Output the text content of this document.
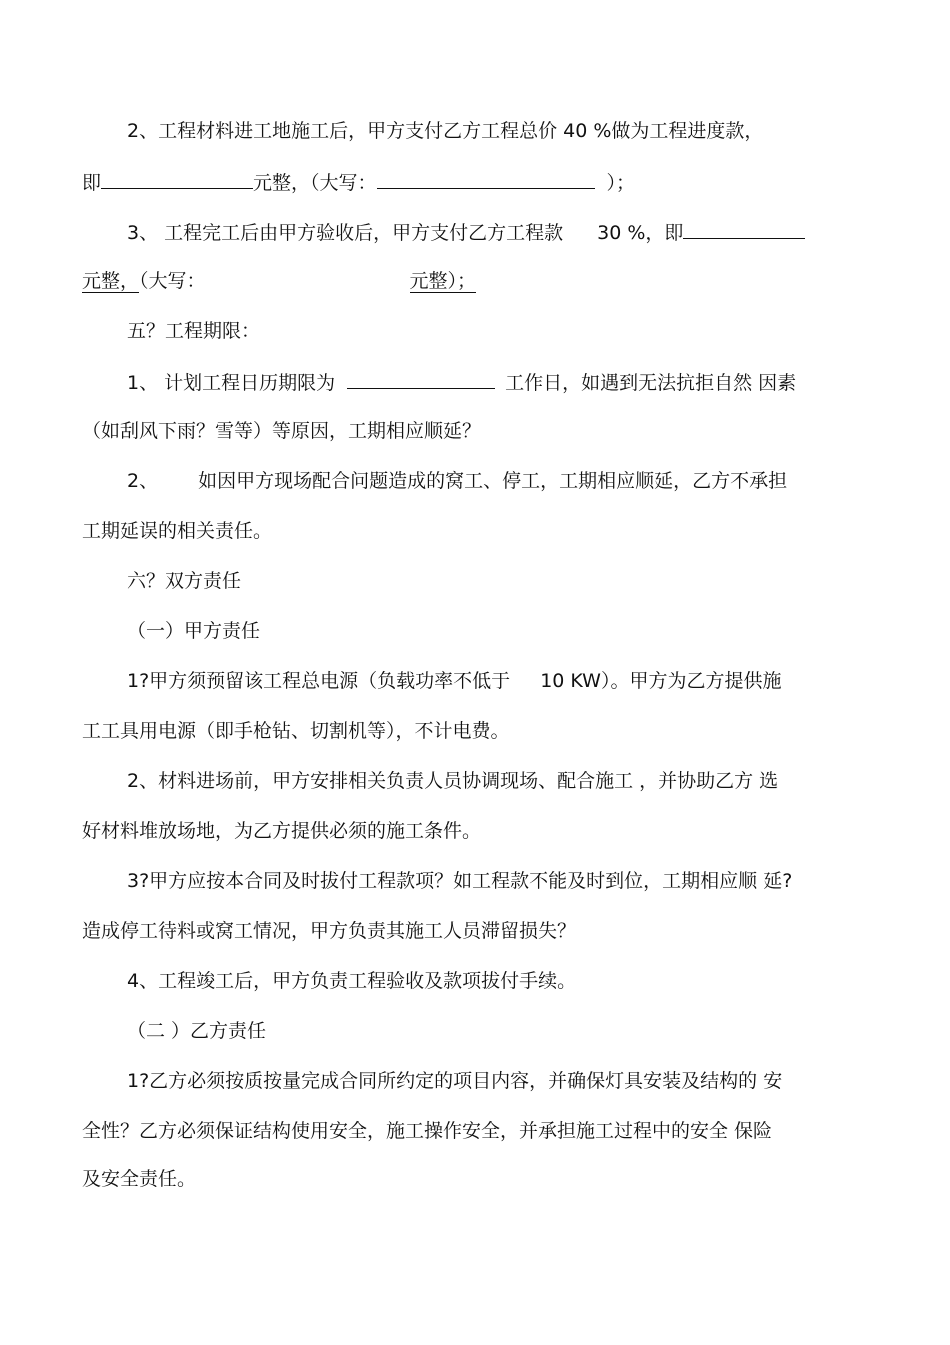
2、工程材料进工地施工后，甲方支付乙方工程总价 40 %做为工程进度款，
即	元整，（大写：	）；
3、 工程完工后由甲方验收后，甲方支付乙方工程款 30 %，即
元整，（大写：	元整）；
五？工程期限：
1、 计划工程日历期限为	工作日，如遇到无法抗拒自然 因素
（如刮风下雨？雪等）等原因，工期相应顺延？
2、 如因甲方现场配合问题造成的窝工、停工，工期相应顺延，乙方不承担
工期延误的相关责任。
六？双方责任
（一）甲方责任
1?甲方须预留该工程总电源（负载功率不低于 10 KW）。甲方为乙方提供施
工工具用电源（即手枪钻、切割机等），不计电费。
2、材料进场前，甲方安排相关负责人员协调现场、配合施工 ，并协助乙方 选
好材料堆放场地，为乙方提供必须的施工条件。
3?甲方应按本合同及时拔付工程款项？如工程款不能及时到位，工期相应顺 延?
造成停工待料或窝工情况，甲方负责其施工人员滞留损失？
4、工程竣工后，甲方负责工程验收及款项拔付手续。
（二 ）乙方责任
1?乙方必须按质按量完成合同所约定的项目内容，并确保灯具安装及结构的 安
全性？乙方必须保证结构使用安全，施工操作安全，并承担施工过程中的安全 保险
及安全责任。
